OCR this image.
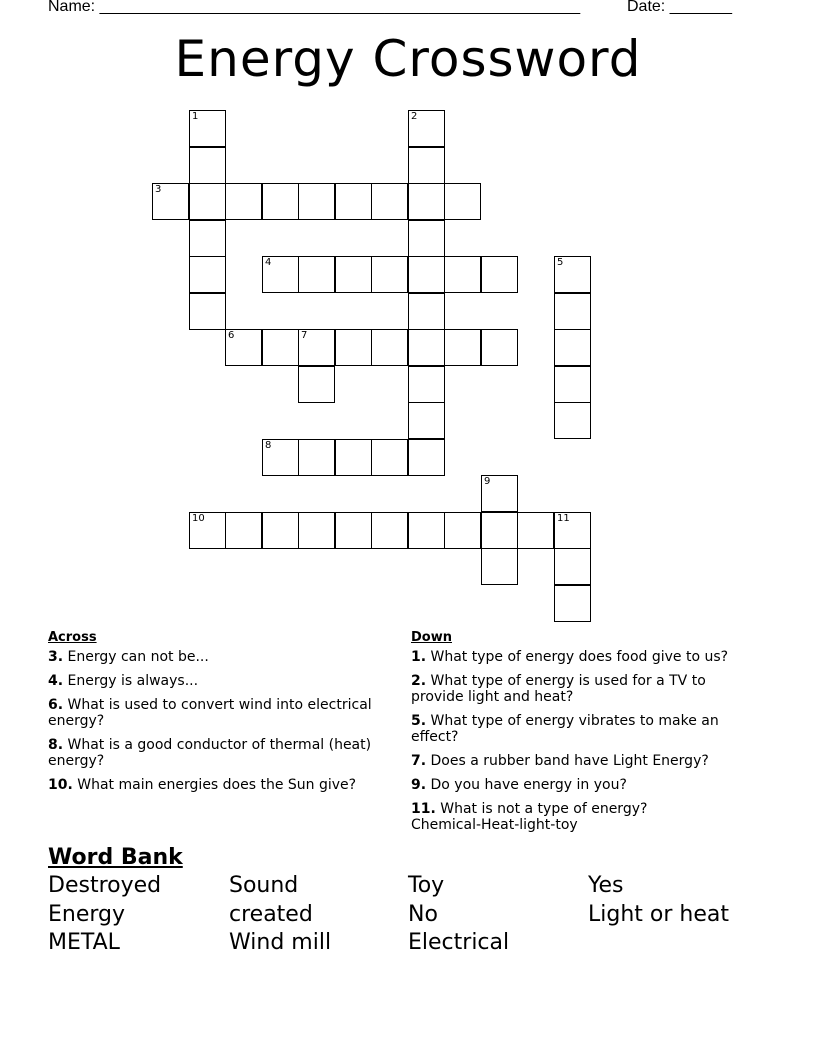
Name: ______________________________________________________	Date: _______
Energy Crossword
1	2
3
4	5
6	7
8
9
10	11
Across
3. Energy can not be...
4. Energy is always...
6. What is used to convert wind into electrical energy?
8. What is a good conductor of thermal (heat) energy?
10. What main energies does the Sun give?
Down
1. What type of energy does food give to us?
2. What type of energy is used for a TV to provide light and heat?
5. What type of energy vibrates to make an effect?
7. Does a rubber band have Light Energy?
9. Do you have energy in you?
11. What is not a type of energy? Chemical-Heat-light-toy
Word Bank
Destroyed	Sound	Toy	Yes
Energy	created	No	Light or heat
METAL	Wind mill	Electrical
